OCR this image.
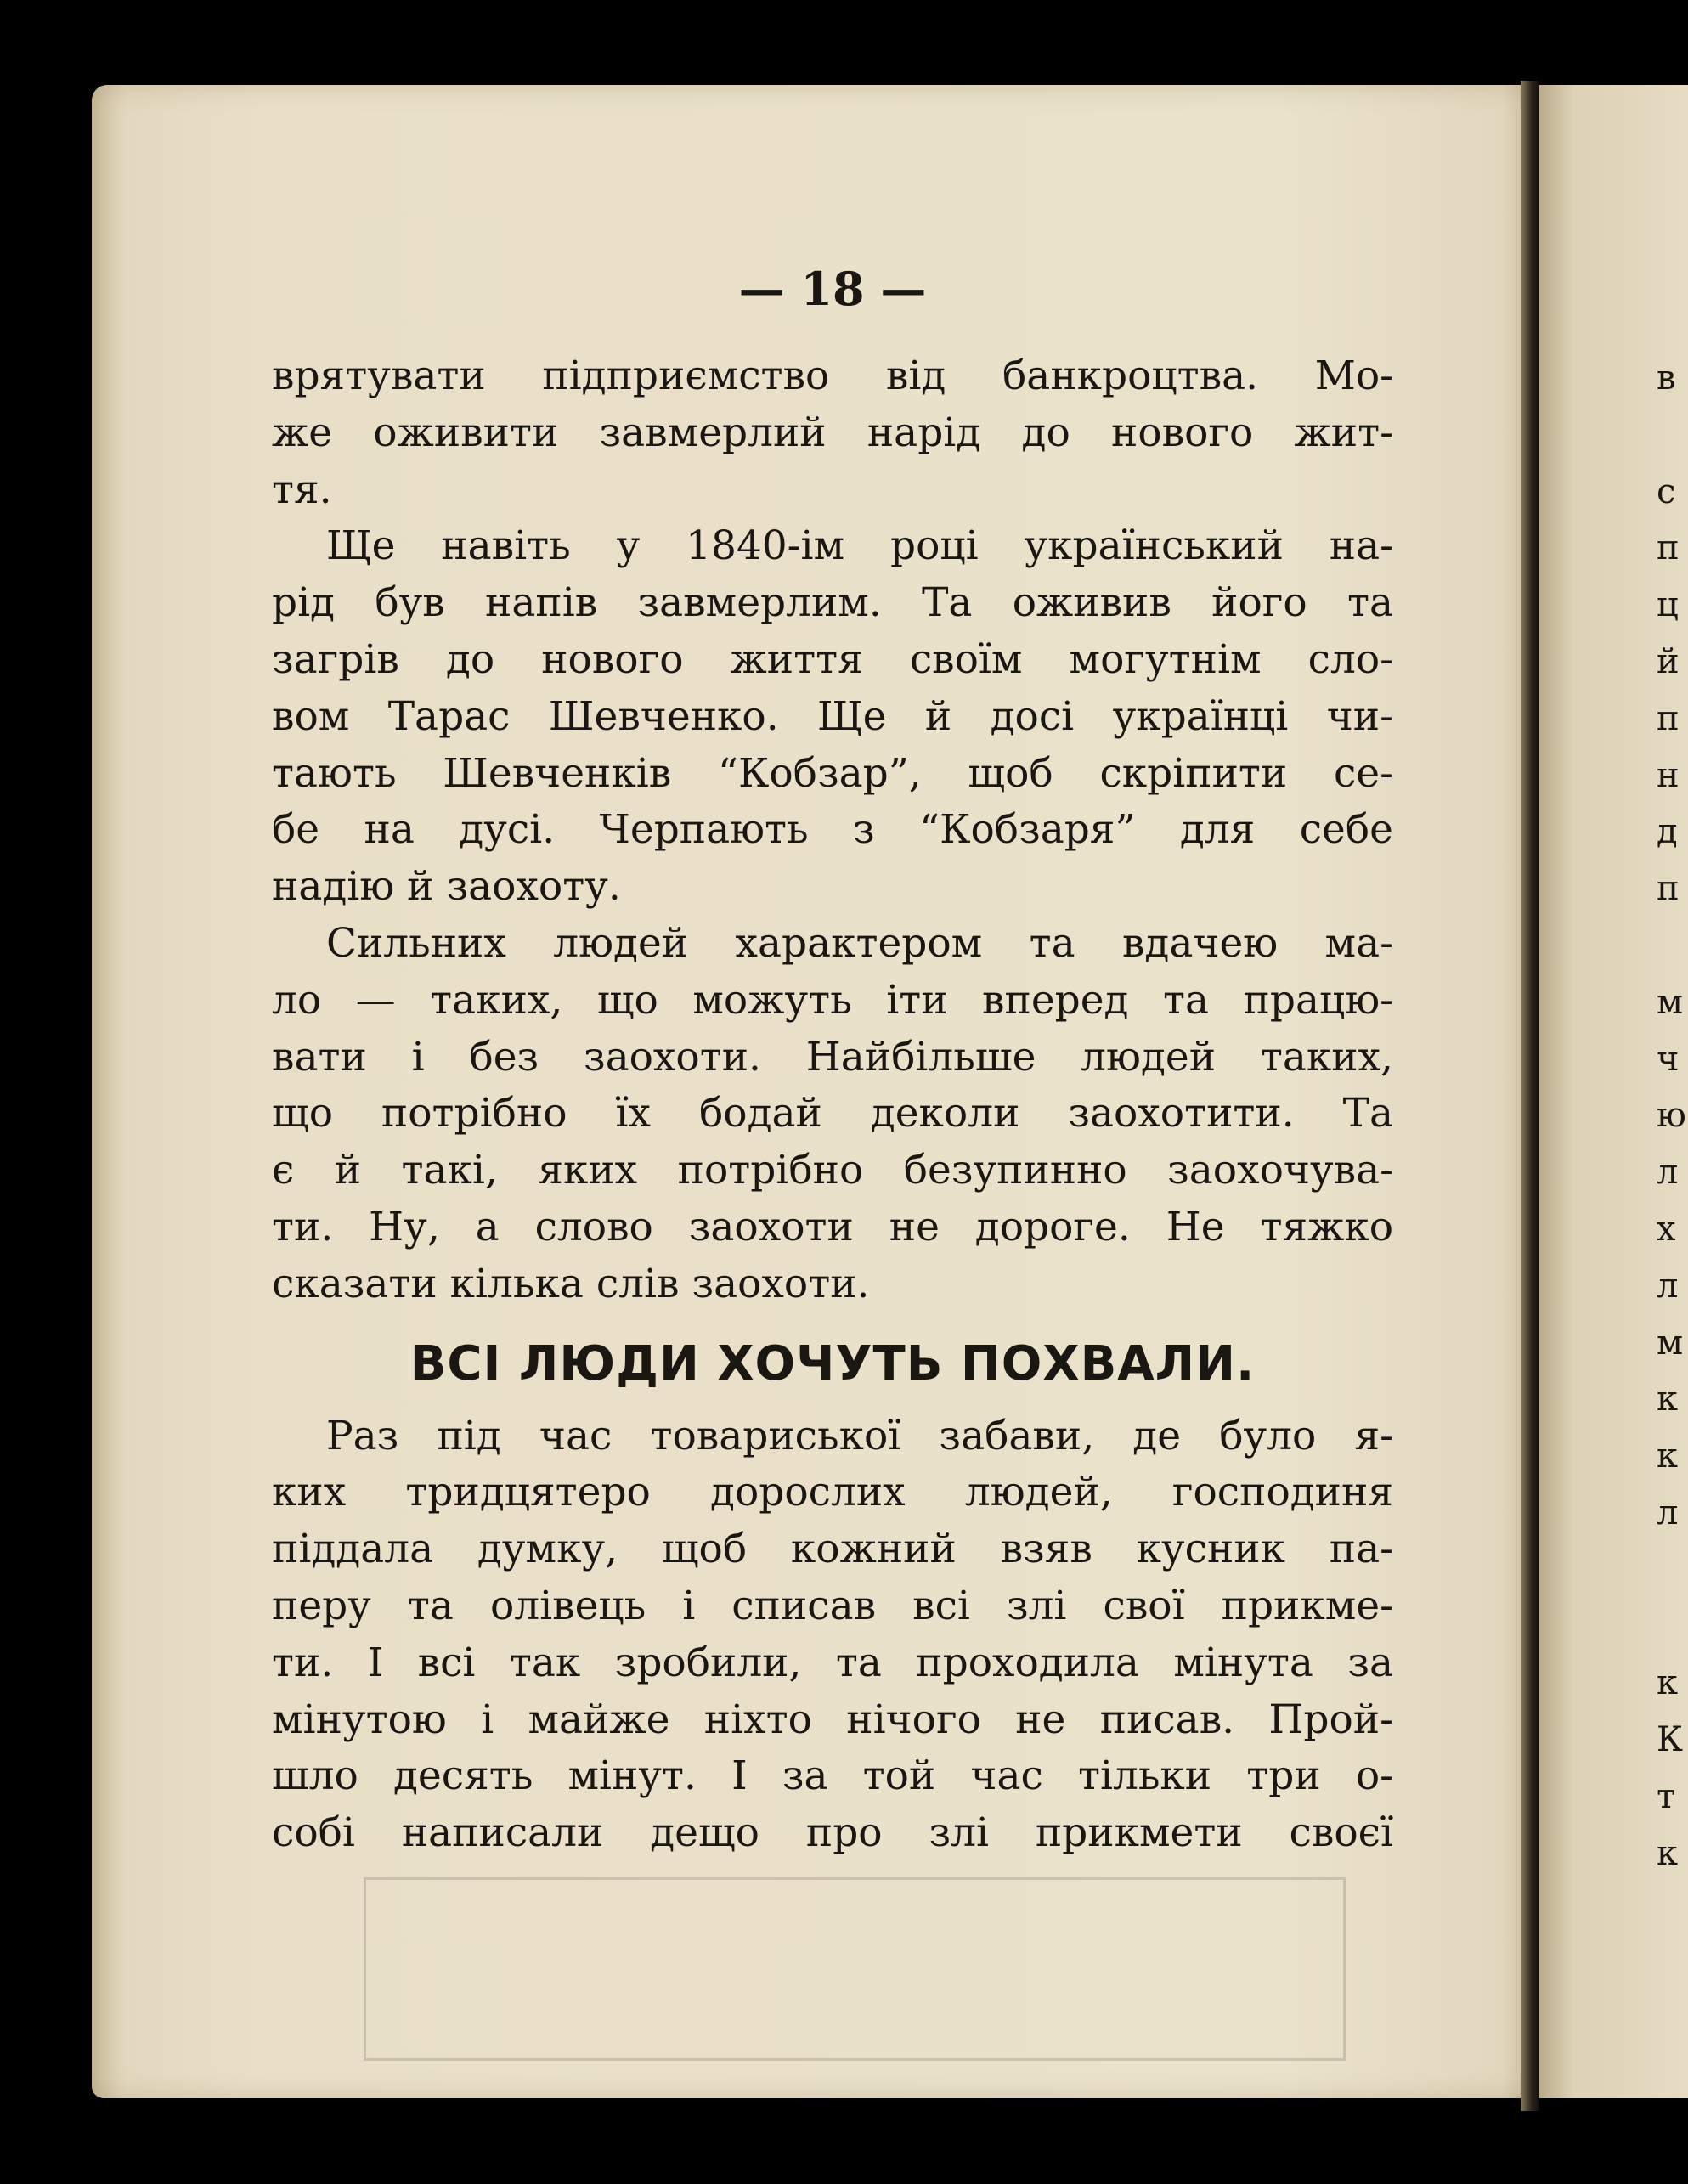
— 18 —
врятувати підприємство від банкроцтва. Мо-
же оживити завмерлий нарід до нового жит-
тя.
Ще навіть у 1840-ім році український на-
рід був напів завмерлим. Та оживив його та
загрів до нового життя своїм могутнім сло-
вом Тарас Шевченко. Ще й досі українці чи-
тають Шевченків “Кобзар”, щоб скріпити се-
бе на дусі. Черпають з “Кобзаря” для себе
надію й заохоту.
Сильних людей характером та вдачею ма-
ло — таких, що можуть іти вперед та працю-
вати і без заохоти. Найбільше людей таких,
що потрібно їх бодай деколи заохотити. Та
є й такі, яких потрібно безупинно заохочува-
ти. Ну, а слово заохоти не дороге. Не тяжко
сказати кілька слів заохоти.
ВСІ ЛЮДИ ХОЧУТЬ ПОХВАЛИ.
Раз під час товариської забави, де було я-
ких тридцятеро дорослих людей, господиня
піддала думку, щоб кожний взяв кусник па-
перу та олівець і списав всі злі свої прикме-
ти. І всі так зробили, та проходила мінута за
мінутою і майже ніхто нічого не писав. Прой-
шло десять мінут. І за той час тільки три о-
собі написали дещо про злі прикмети своєї
в
с
п
ц
й
п
н
д
п
м
ч
ю
л
х
л
м
к
к
л
к
К
т
к
